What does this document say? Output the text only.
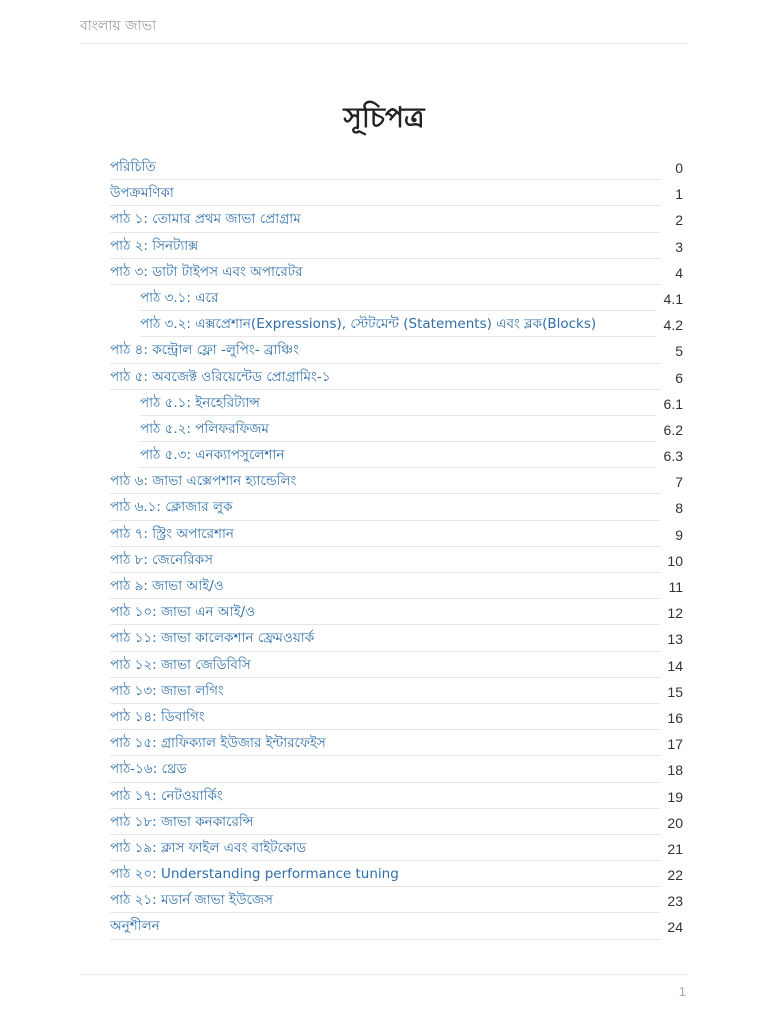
বাংলায় জাভা
সূচিপত্র
পরিচিতি	0
উপক্রমণিকা	1
পাঠ ১: তোমার প্রথম জাভা প্রোগ্রাম	2
পাঠ ২: সিনট্যাক্স	3
পাঠ ৩: ডাটা টাইপস এবং অপারেটর	4
পাঠ ৩.১: এরে	4.1
পাঠ ৩.২: এক্সপ্রেশান(Expressions), স্টেটমেন্ট (Statements) এবং ব্লক(Blocks)	4.2
পাঠ ৪: কন্ট্রোল ফ্লো -লুপিং- ব্রাঞ্চিং	5
পাঠ ৫: অবজেক্ট ওরিয়েন্টেড প্রোগ্রামিং-১	6
পাঠ ৫.১: ইনহেরিট্যান্স	6.1
পাঠ ৫.২: পলিফরফিজম	6.2
পাঠ ৫.৩: এনক্যাপসুলেশান	6.3
পাঠ ৬: জাভা এক্সেপশান হ্যান্ডেলিং	7
পাঠ ৬.১: ক্লোজার লুক	8
পাঠ ৭: স্ট্রিং অপারেশান	9
পাঠ ৮: জেনেরিকস	10
পাঠ ৯: জাভা আই/ও	11
পাঠ ১০: জাভা এন আই/ও	12
পাঠ ১১: জাভা কালেকশান ফ্রেমওয়ার্ক	13
পাঠ ১২: জাভা জেডিবিসি	14
পাঠ ১৩: জাভা লগিং	15
পাঠ ১৪: ডিবাগিং	16
পাঠ ১৫: গ্রাফিক্যাল ইউজার ইন্টারফেইস	17
পাঠ-১৬: থ্রেড	18
পাঠ ১৭: নেটওয়ার্কিং	19
পাঠ ১৮: জাভা কনকারেন্সি	20
পাঠ ১৯: ক্লাস ফাইল এবং বাইটকোড	21
পাঠ ২০: Understanding performance tuning	22
পাঠ ২১: মডার্ন জাভা ইউজেস	23
অনুশীলন	24
1
